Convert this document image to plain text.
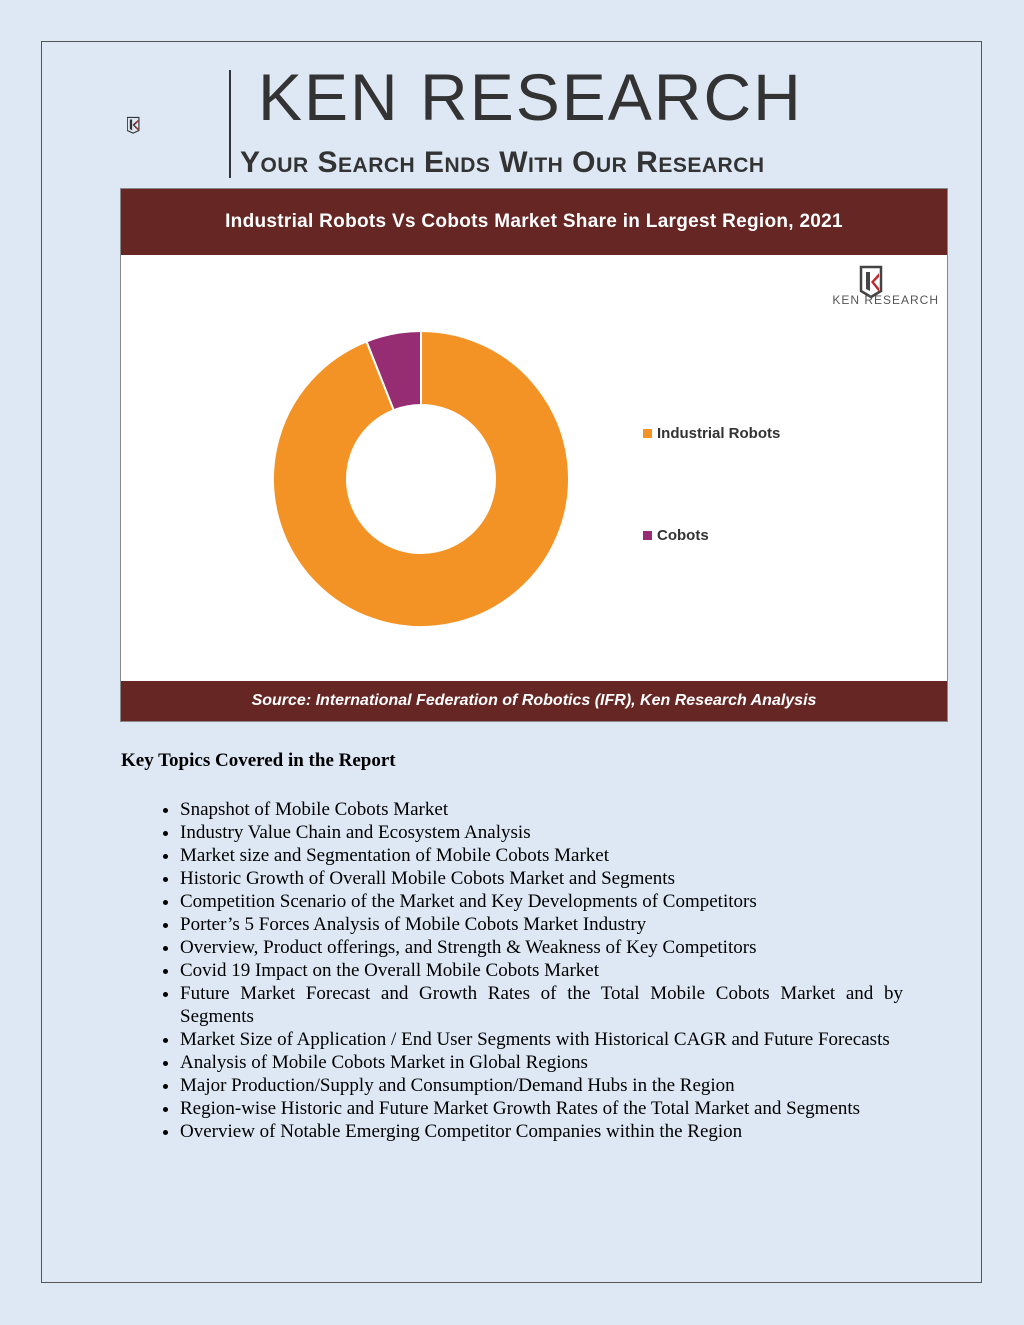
KEN RESEARCH
Your Search Ends With Our Research
Industrial Robots Vs Cobots Market Share in Largest Region, 2021
KEN RESEARCH
Industrial Robots
Cobots
Source: International Federation of Robotics (IFR), Ken Research Analysis
Key Topics Covered in the Report
• Snapshot of Mobile Cobots Market
• Industry Value Chain and Ecosystem Analysis
• Market size and Segmentation of Mobile Cobots Market
• Historic Growth of Overall Mobile Cobots Market and Segments
• Competition Scenario of the Market and Key Developments of Competitors
• Porter’s 5 Forces Analysis of Mobile Cobots Market Industry
• Overview, Product offerings, and Strength & Weakness of Key Competitors
• Covid 19 Impact on the Overall Mobile Cobots Market
• Future Market Forecast and Growth Rates of the Total Mobile Cobots Market and by Segments
• Market Size of Application / End User Segments with Historical CAGR and Future Forecasts
• Analysis of Mobile Cobots Market in Global Regions
• Major Production/Supply and Consumption/Demand Hubs in the Region
• Region-wise Historic and Future Market Growth Rates of the Total Market and Segments
• Overview of Notable Emerging Competitor Companies within the Region
